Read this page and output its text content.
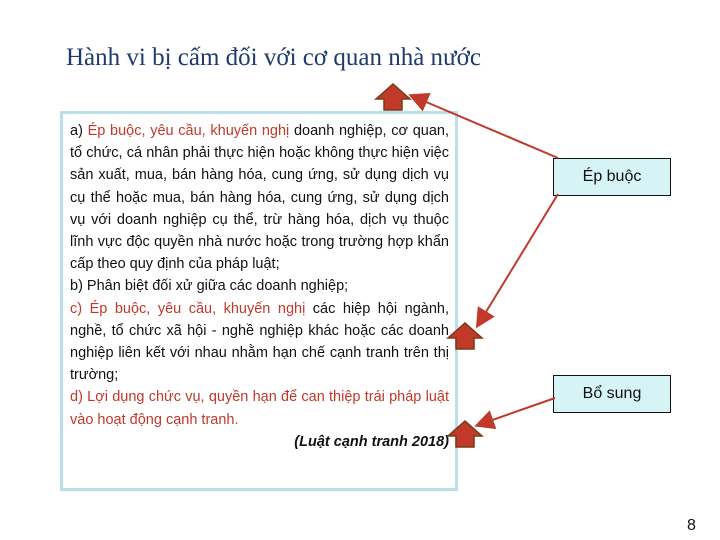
Hành vi bị cấm đối với cơ quan nhà nước

a) Ép buộc, yêu cầu, khuyến nghị doanh nghiệp, cơ quan, tổ chức, cá nhân phải thực hiện hoặc không thực hiện việc sản xuất, mua, bán hàng hóa, cung ứng, sử dụng dịch vụ cụ thể hoặc mua, bán hàng hóa, cung ứng, sử dụng dịch vụ với doanh nghiệp cụ thể, trừ hàng hóa, dịch vụ thuộc lĩnh vực độc quyền nhà nước hoặc trong trường hợp khẩn cấp theo quy định của pháp luật;

b) Phân biệt đối xử giữa các doanh nghiệp;

c) Ép buộc, yêu cầu, khuyến nghị các hiệp hội ngành, nghề, tổ chức xã hội - nghề nghiệp khác hoặc các doanh nghiệp liên kết với nhau nhằm hạn chế cạnh tranh trên thị trường;

d) Lợi dụng chức vụ, quyền hạn để can thiệp trái pháp luật vào hoạt động cạnh tranh.

(Luật cạnh tranh 2018)

Ép buộc
Bổ sung
8
